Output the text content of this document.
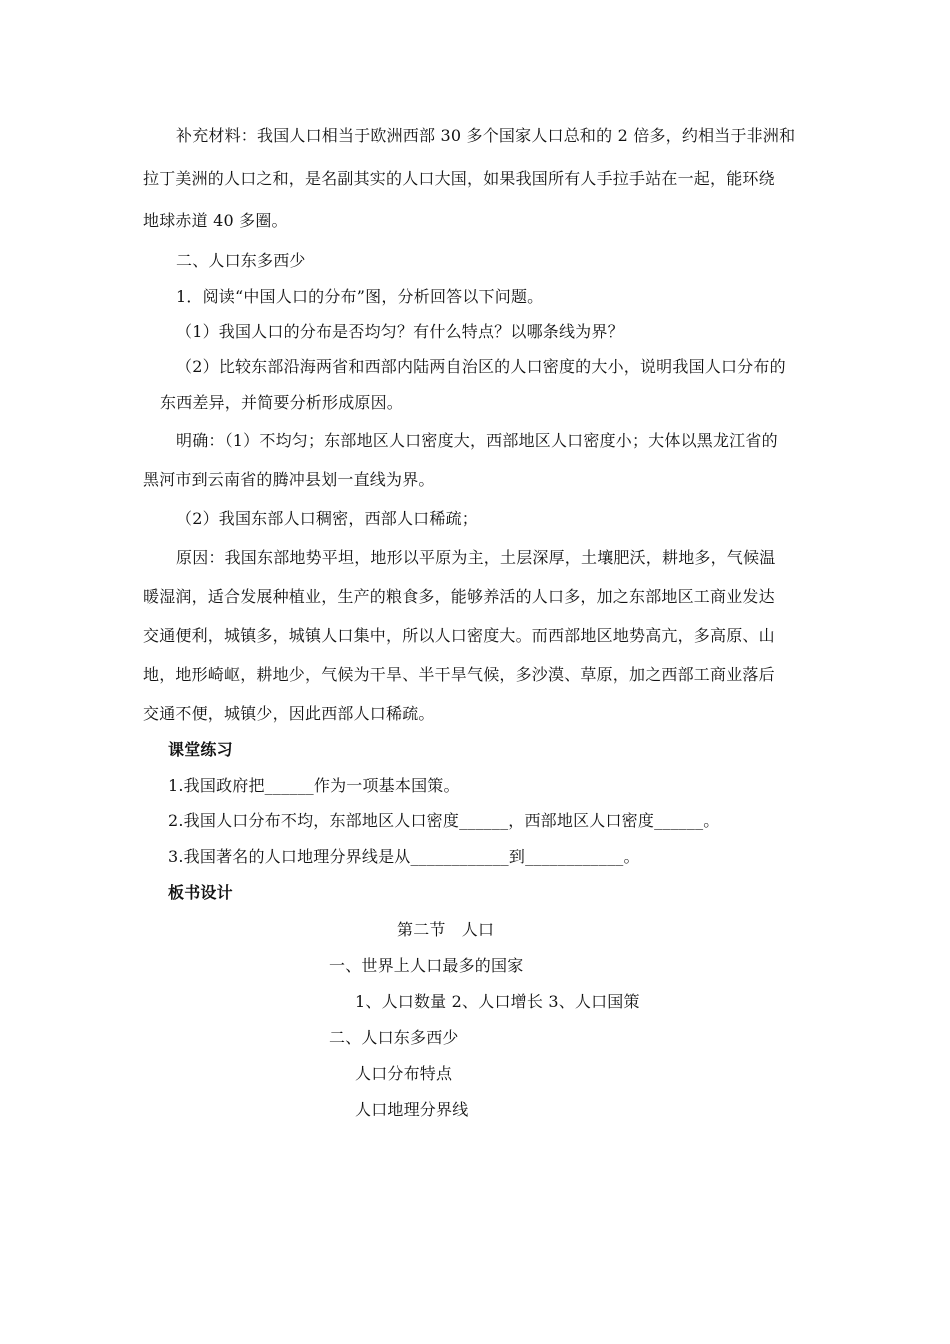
补充材料：我国人口相当于欧洲西部 30 多个国家人口总和的 2 倍多，约相当于非洲和
拉丁美洲的人口之和，是名副其实的人口大国，如果我国所有人手拉手站在一起，能环绕
地球赤道 40 多圈。
二、人口东多西少
1．阅读“中国人口的分布”图，分析回答以下问题。
（1）我国人口的分布是否均匀？有什么特点？以哪条线为界？
（2）比较东部沿海两省和西部内陆两自治区的人口密度的大小，说明我国人口分布的
东西差异，并简要分析形成原因。
明确：（1）不均匀；东部地区人口密度大，西部地区人口密度小；大体以黑龙江省的
黑河市到云南省的腾冲县划一直线为界。
（2）我国东部人口稠密，西部人口稀疏；
原因：我国东部地势平坦，地形以平原为主，土层深厚，土壤肥沃，耕地多，气候温
暖湿润，适合发展种植业，生产的粮食多，能够养活的人口多，加之东部地区工商业发达
交通便利，城镇多，城镇人口集中，所以人口密度大。而西部地区地势高亢，多高原、山
地，地形崎岖，耕地少，气候为干旱、半干旱气候，多沙漠、草原，加之西部工商业落后
交通不便，城镇少，因此西部人口稀疏。
课堂练习
1.我国政府把______作为一项基本国策。
2.我国人口分布不均，东部地区人口密度______，西部地区人口密度______。
3.我国著名的人口地理分界线是从____________到____________。
板书设计
第二节　人口
一、世界上人口最多的国家
1、人口数量 2、人口增长 3、人口国策
二、人口东多西少
人口分布特点
人口地理分界线
